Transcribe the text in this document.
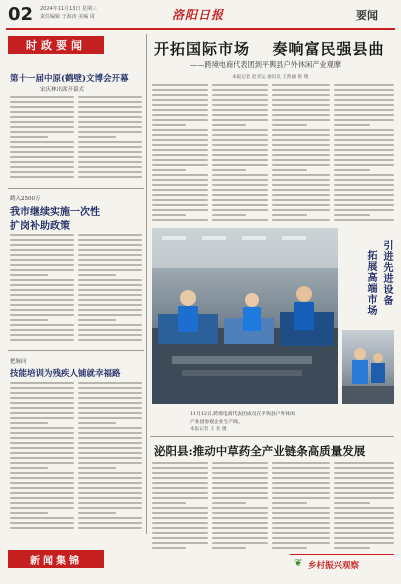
02 2024年11月13日 星期三
责任编辑 王海涛 美编 周	洛阳日报	要闻
时政要闻
第十一届中原(鹤壁)文博会开幕
宋庆林出席开幕式
鹤入2500万
我市继续实施一次性
扩岗补助政策
把脉问
技能培训为残疾人铺就幸福路
新闻集锦
开拓国际市场 奏响富民强县曲
——跨境电商代表团到平舆县户外休闲产业观摩
本报记者 赵亚运 通讯员 王凯丽 鲁 翔
引进先进设备
拓展高端市场
11月12日,跨境电商代表团成员在平舆县户外休闲
产业园参观企业生产线。
本报记者 王 亚 摄
泌阳县:推动中草药全产业链条高质量发展
❦ 乡村振兴观察
